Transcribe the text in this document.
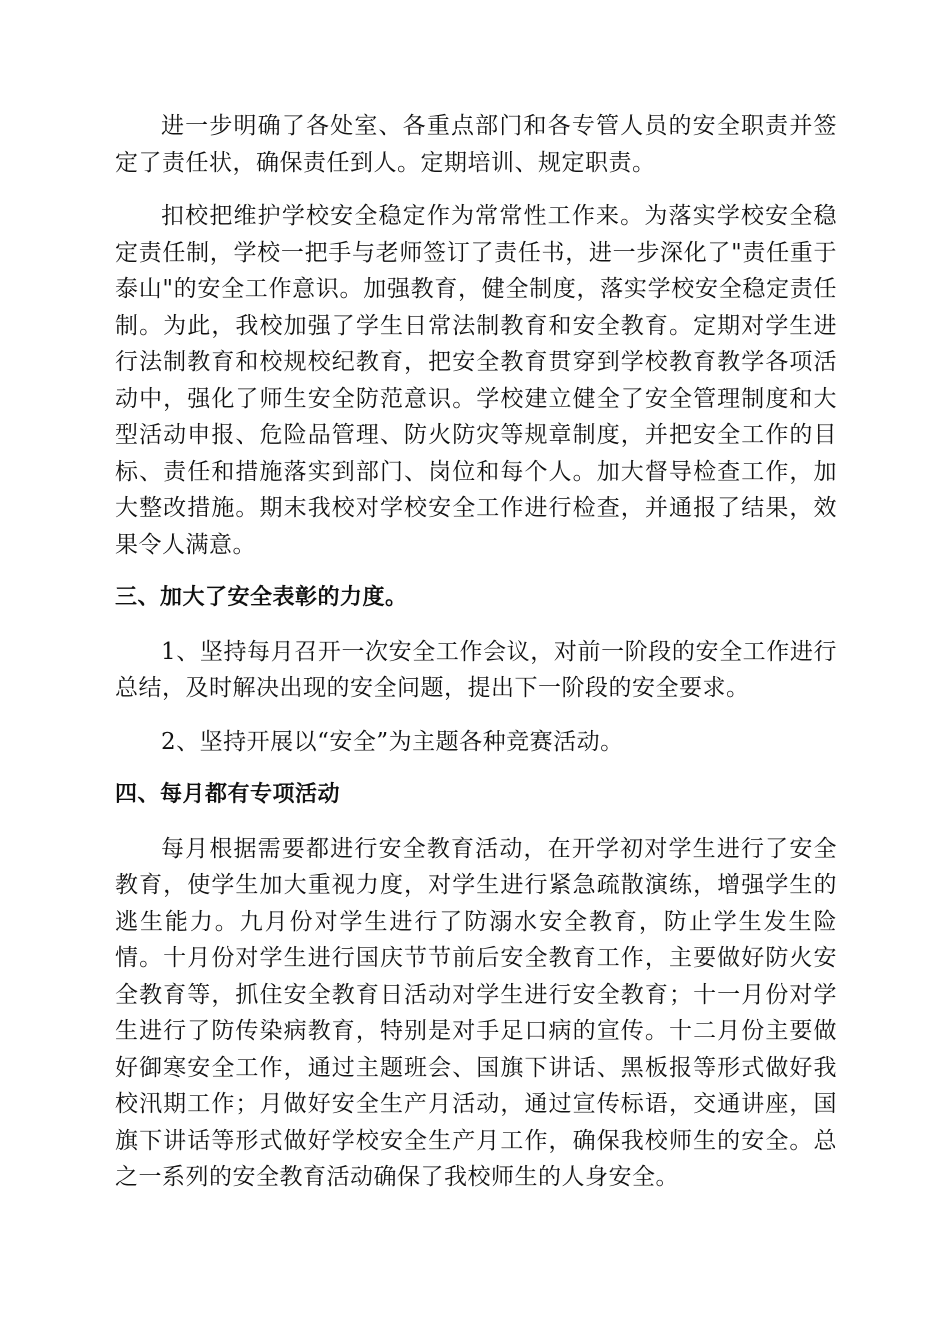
进一步明确了各处室、各重点部门和各专管人员的安全职责并签定了责任状，确保责任到人。定期培训、规定职责。

扣校把维护学校安全稳定作为常常性工作来。为落实学校安全稳定责任制，学校一把手与老师签订了责任书，进一步深化了"责任重于泰山"的安全工作意识。加强教育，健全制度，落实学校安全稳定责任制。为此，我校加强了学生日常法制教育和安全教育。定期对学生进行法制教育和校规校纪教育，把安全教育贯穿到学校教育教学各项活动中，强化了师生安全防范意识。学校建立健全了安全管理制度和大型活动申报、危险品管理、防火防灾等规章制度，并把安全工作的目标、责任和措施落实到部门、岗位和每个人。加大督导检查工作，加大整改措施。期末我校对学校安全工作进行检查，并通报了结果，效果令人满意。

三、加大了安全表彰的力度。

1、坚持每月召开一次安全工作会议，对前一阶段的安全工作进行总结，及时解决出现的安全问题，提出下一阶段的安全要求。

2、坚持开展以“安全”为主题各种竞赛活动。

四、每月都有专项活动

每月根据需要都进行安全教育活动，在开学初对学生进行了安全教育，使学生加大重视力度，对学生进行紧急疏散演练，增强学生的逃生能力。九月份对学生进行了防溺水安全教育，防止学生发生险情。十月份对学生进行国庆节节前后安全教育工作，主要做好防火安全教育等，抓住安全教育日活动对学生进行安全教育；十一月份对学生进行了防传染病教育，特别是对手足口病的宣传。十二月份主要做好御寒安全工作，通过主题班会、国旗下讲话、黑板报等形式做好我校汛期工作；月做好安全生产月活动，通过宣传标语，交通讲座，国旗下讲话等形式做好学校安全生产月工作，确保我校师生的安全。总之一系列的安全教育活动确保了我校师生的人身安全。
